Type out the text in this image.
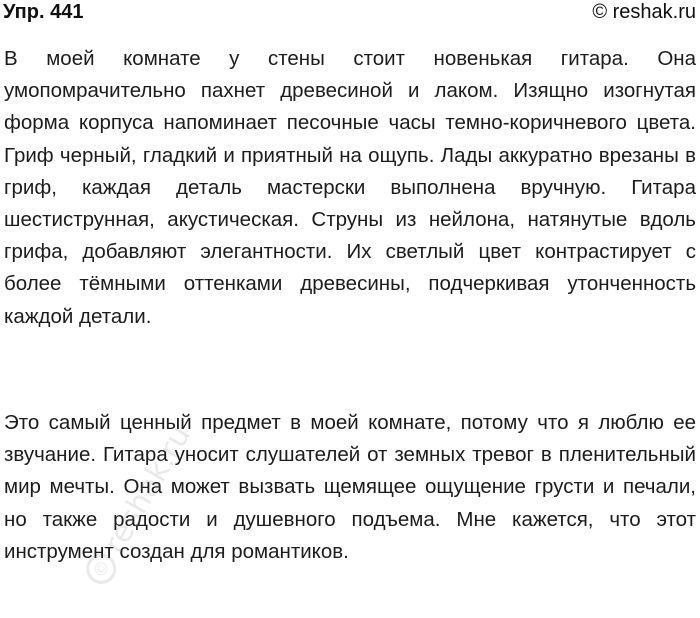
Упр. 441	© reshak.ru

В моей комнате у стены стоит новенькая гитара. Она умопомрачительно пахнет древесиной и лаком. Изящно изогнутая форма корпуса напоминает песочные часы темно-коричневого цвета. Гриф черный, гладкий и приятный на ощупь. Лады аккуратно врезаны в гриф, каждая деталь мастерски выполнена вручную. Гитара шестиструнная, акустическая. Струны из нейлона, натянутые вдоль грифа, добавляют элегантности. Их светлый цвет контрастирует с более тёмными оттенками древесины, подчеркивая утонченность каждой детали.

Это самый ценный предмет в моей комнате, потому что я люблю ее звучание. Гитара уносит слушателей от земных тревог в пленительный мир мечты. Она может вызвать щемящее ощущение грусти и печали, но также радости и душевного подъема. Мне кажется, что этот инструмент создан для романтиков.

©
reshak.ru
